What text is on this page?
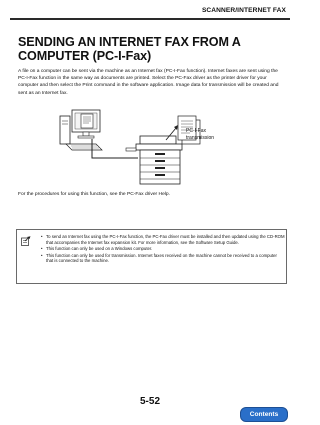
SCANNER/INTERNET FAX
SENDING AN INTERNET FAX FROM A COMPUTER (PC-I-Fax)

A file on a computer can be sent via the machine as an Internet fax (PC-I-Fax function). Internet faxes are sent using the PC-I-Fax function in the same way as documents are printed. Select the PC-Fax driver as the printer driver for your computer and then select the Print command in the software application. Image data for transmission will be created and sent as an Internet fax.

PC-I-Fax
transmission

For the procedures for using this function, see the PC-Fax driver Help.

• To send an Internet fax using the PC-I-Fax function, the PC-Fax driver must be installed and then updated using the CD-ROM that accompanies the Internet fax expansion kit. For more information, see the Software Setup Guide.
• This function can only be used on a Windows computer.
• This function can only be used for transmission. Internet faxes received on the machine cannot be received to a computer that is connected to the machine.
5-52
Contents
